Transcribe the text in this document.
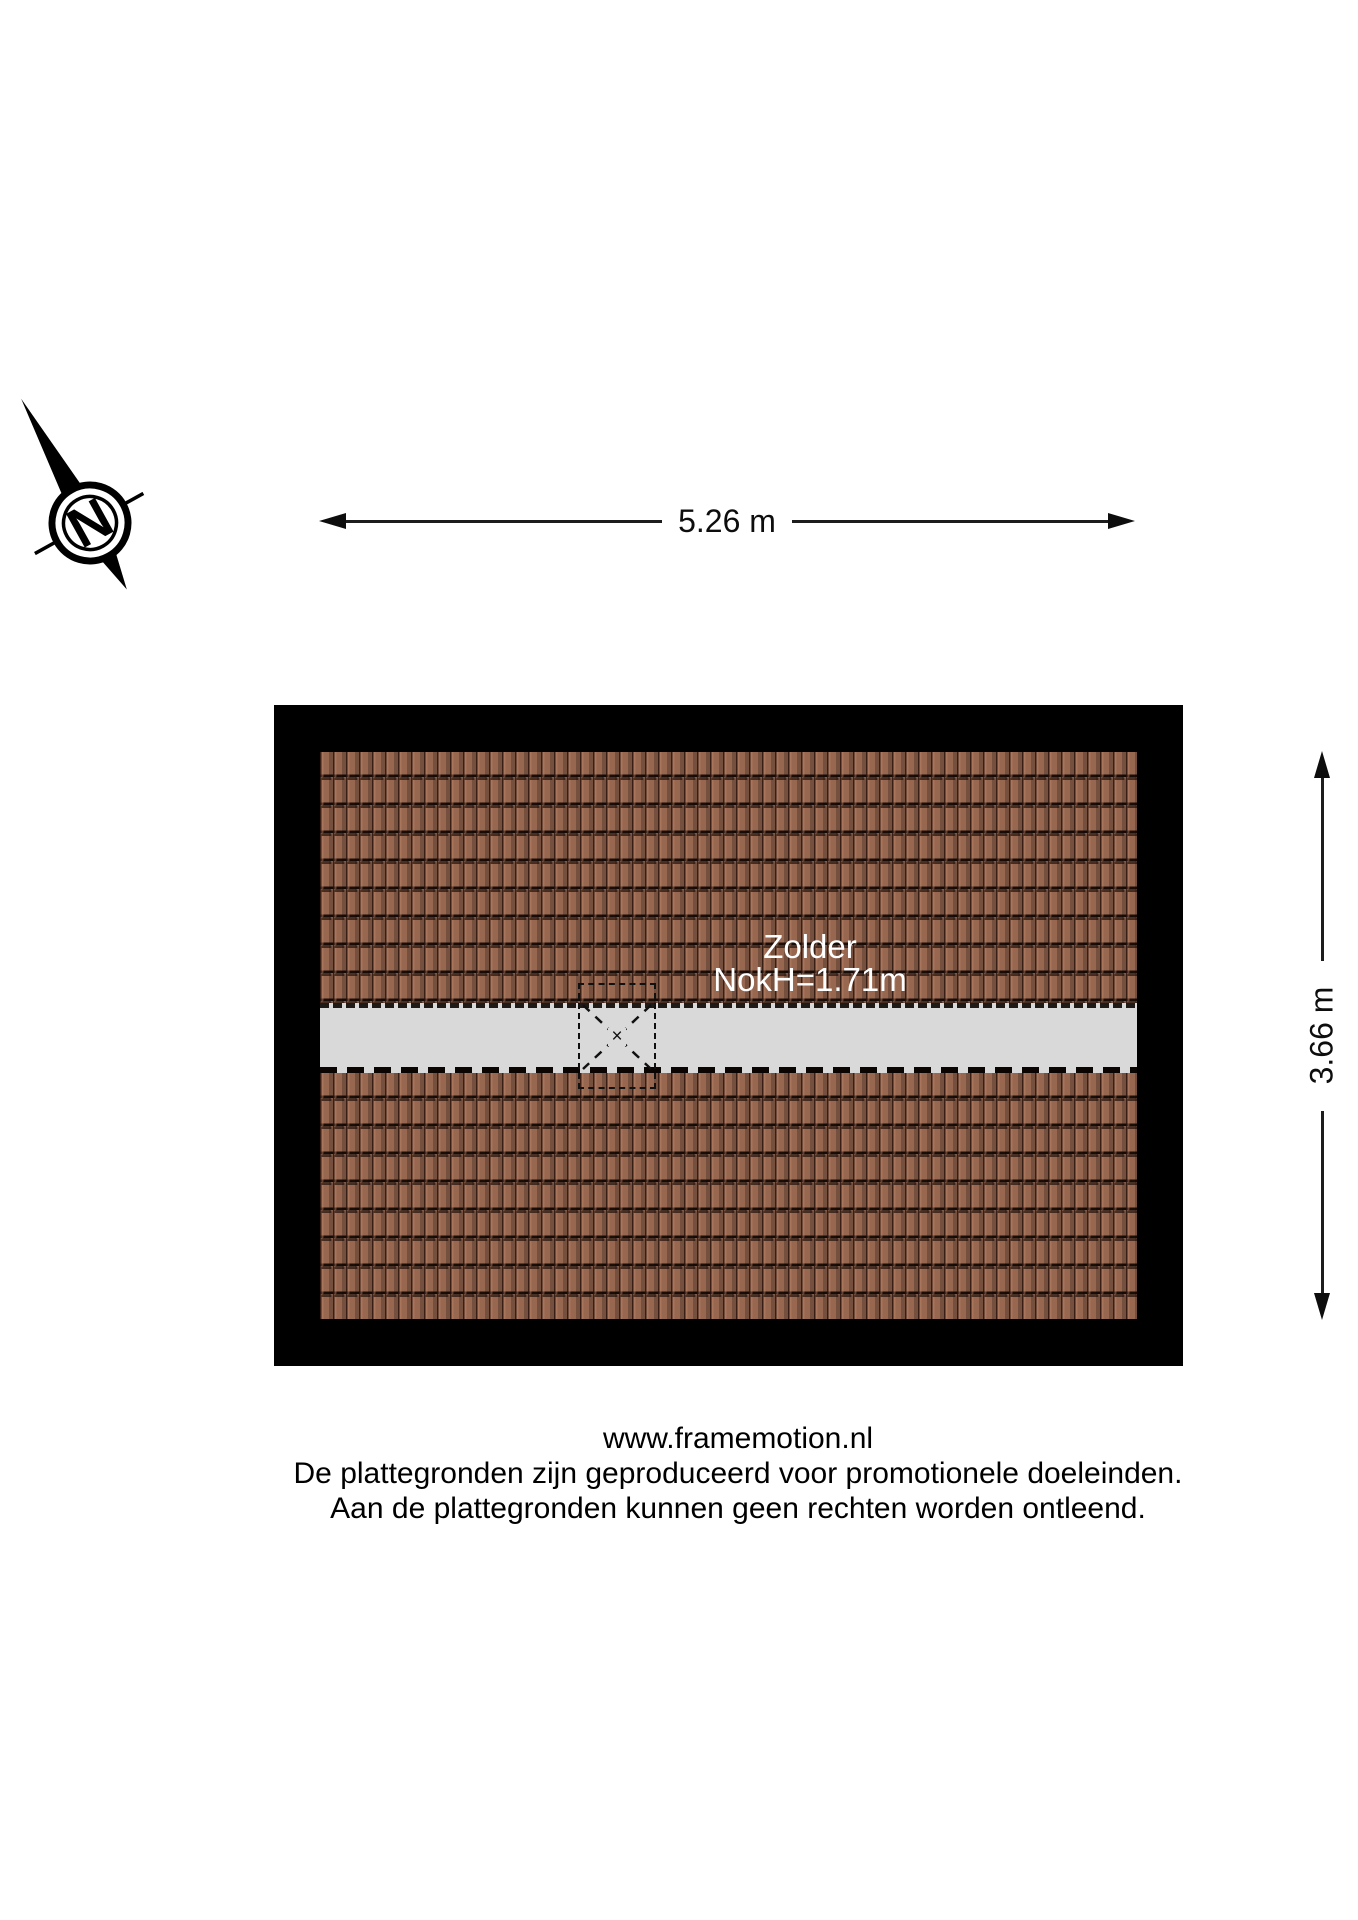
N	5.26 m
3.66 m
Zolder
NokH=1.71m
×
www.framemotion.nl
De plattegronden zijn geproduceerd voor promotionele doeleinden.
Aan de plattegronden kunnen geen rechten worden ontleend.
